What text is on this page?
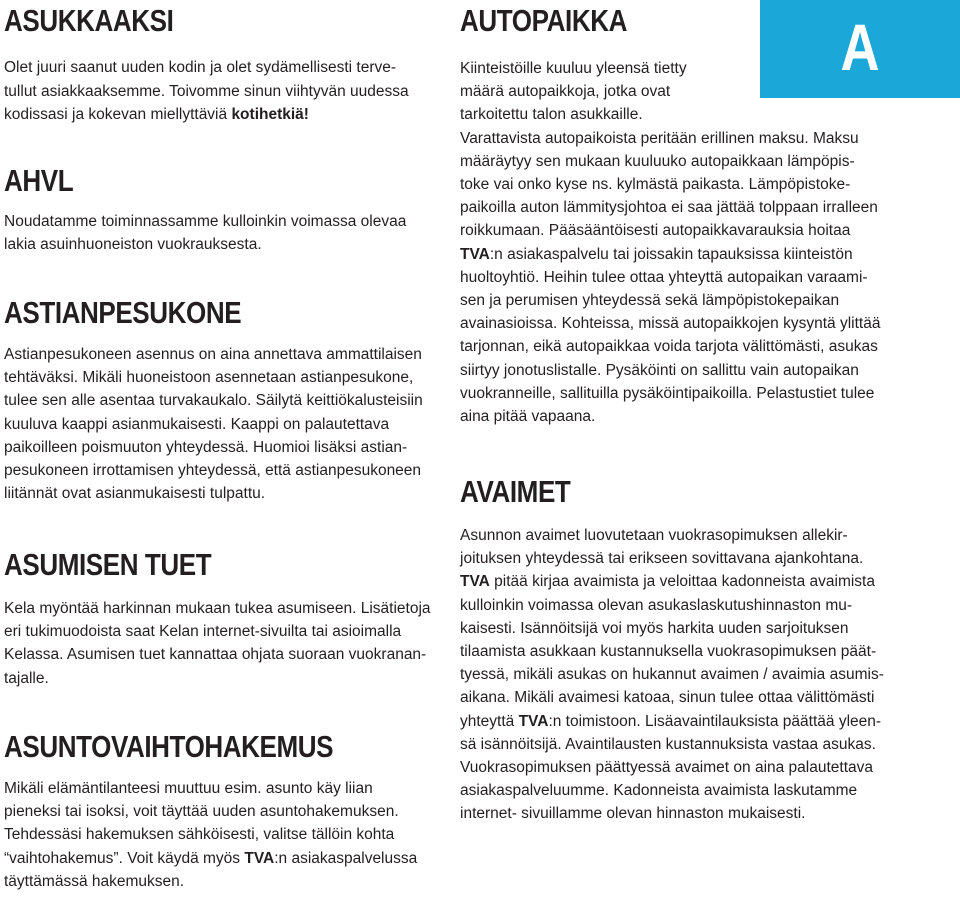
A
ASUKKAAKSI
Olet juuri saanut uuden kodin ja olet sydämellisesti terve-
tullut asiakkaaksemme. Toivomme sinun viihtyvän uudessa
kodissasi ja kokevan miellyttäviä kotihetkiä!
AHVL
Noudatamme toiminnassamme kulloinkin voimassa olevaa
lakia asuinhuoneiston vuokrauksesta.
ASTIANPESUKONE
Astianpesukoneen asennus on aina annettava ammattilaisen
tehtäväksi. Mikäli huoneistoon asennetaan astianpesukone,
tulee sen alle asentaa turvakaukalo. Säilytä keittiökalusteisiin
kuuluva kaappi asianmukaisesti. Kaappi on palautettava
paikoilleen poismuuton yhteydessä. Huomioi lisäksi astian-
pesukoneen irrottamisen yhteydessä, että astianpesukoneen
liitännät ovat asianmukaisesti tulpattu.
ASUMISEN TUET
Kela myöntää harkinnan mukaan tukea asumiseen. Lisätietoja
eri tukimuodoista saat Kelan internet-sivuilta tai asioimalla
Kelassa. Asumisen tuet kannattaa ohjata suoraan vuokranan-
tajalle.
ASUNTOVAIHTOHAKEMUS
Mikäli elämäntilanteesi muuttuu esim. asunto käy liian
pieneksi tai isoksi, voit täyttää uuden asuntohakemuksen.
Tehdessäsi hakemuksen sähköisesti, valitse tällöin kohta
“vaihtohakemus”. Voit käydä myös TVA:n asiakaspalvelussa
täyttämässä hakemuksen.
AUTOPAIKKA
Kiinteistöille kuuluu yleensä tietty
määrä autopaikkoja, jotka ovat
tarkoitettu talon asukkaille.
Varattavista autopaikoista peritään erillinen maksu. Maksu
määräytyy sen mukaan kuuluuko autopaikkaan lämpöpis-
toke vai onko kyse ns. kylmästä paikasta. Lämpöpistoke-
paikoilla auton lämmitysjohtoa ei saa jättää tolppaan irralleen
roikkumaan. Pääsääntöisesti autopaikkavarauksia hoitaa
TVA:n asiakaspalvelu tai joissakin tapauksissa kiinteistön
huoltoyhtiö. Heihin tulee ottaa yhteyttä autopaikan varaami-
sen ja perumisen yhteydessä sekä lämpöpistokepaikan
avainasioissa. Kohteissa, missä autopaikkojen kysyntä ylittää
tarjonnan, eikä autopaikkaa voida tarjota välittömästi, asukas
siirtyy jonotuslistalle. Pysäköinti on sallittu vain autopaikan
vuokranneille, sallituilla pysäköintipaikoilla. Pelastustiet tulee
aina pitää vapaana.
AVAIMET
Asunnon avaimet luovutetaan vuokrasopimuksen allekir-
joituksen yhteydessä tai erikseen sovittavana ajankohtana.
TVA pitää kirjaa avaimista ja veloittaa kadonneista avaimista
kulloinkin voimassa olevan asukaslaskutushinnaston mu-
kaisesti. Isännöitsijä voi myös harkita uuden sarjoituksen
tilaamista asukkaan kustannuksella vuokrasopimuksen päät-
tyessä, mikäli asukas on hukannut avaimen / avaimia asumis-
aikana. Mikäli avaimesi katoaa, sinun tulee ottaa välittömästi
yhteyttä TVA:n toimistoon. Lisäavaintilauksista päättää yleen-
sä isännöitsijä. Avaintilausten kustannuksista vastaa asukas.
Vuokrasopimuksen päättyessä avaimet on aina palautettava
asiakaspalveluumme. Kadonneista avaimista laskutamme
internet- sivuillamme olevan hinnaston mukaisesti.
